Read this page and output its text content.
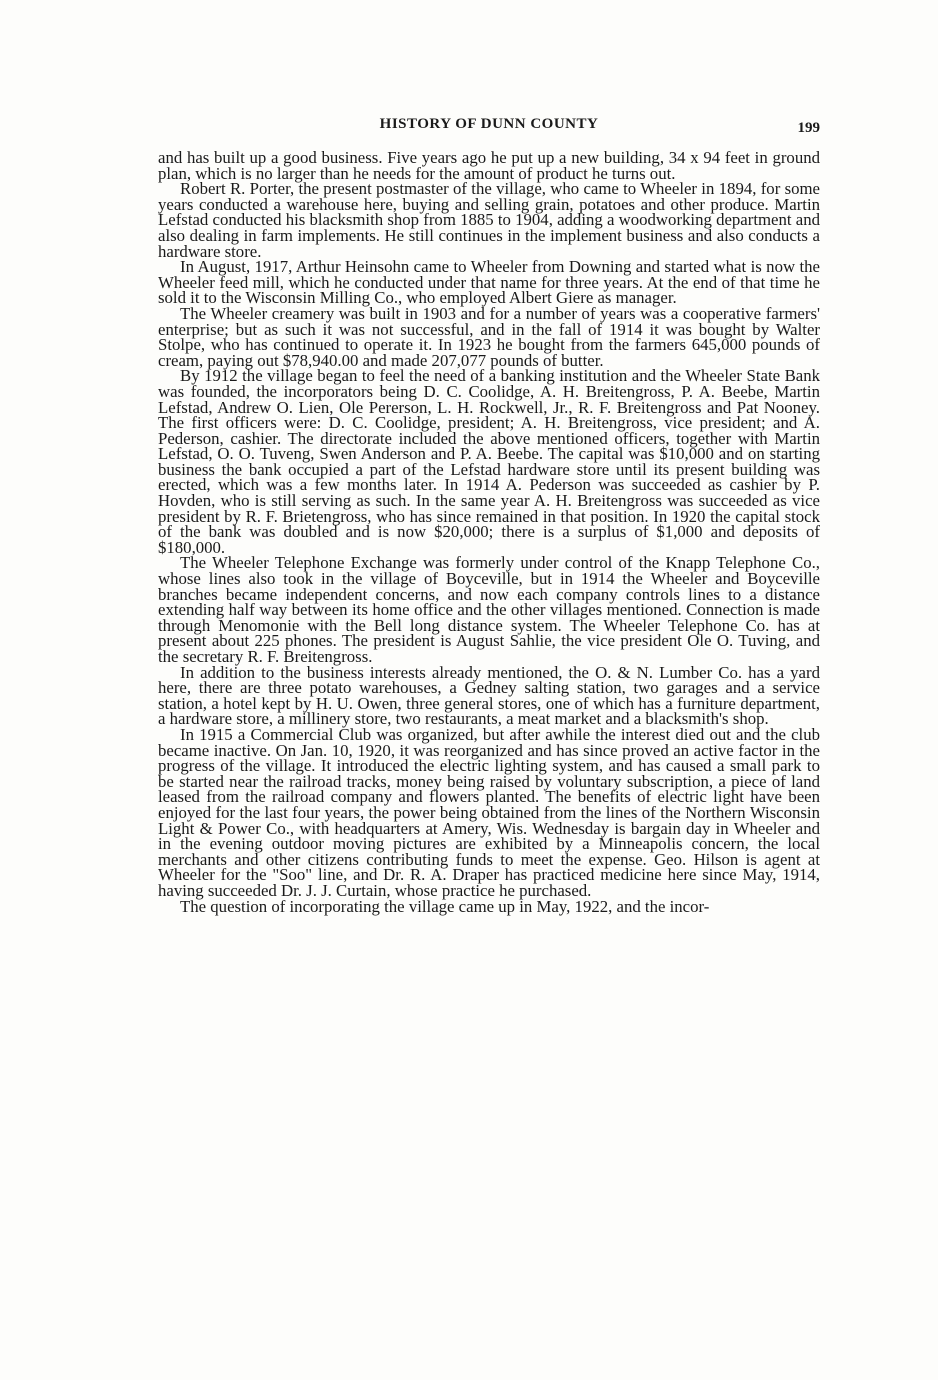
HISTORY OF DUNN COUNTY	199

and has built up a good business. Five years ago he put up a new building, 34 x 94 feet in ground plan, which is no larger than he needs for the amount of product he turns out.

Robert R. Porter, the present postmaster of the village, who came to Wheeler in 1894, for some years conducted a warehouse here, buying and selling grain, potatoes and other produce. Martin Lefstad conducted his blacksmith shop from 1885 to 1904, adding a woodworking department and also dealing in farm implements. He still continues in the implement business and also conducts a hardware store.

In August, 1917, Arthur Heinsohn came to Wheeler from Downing and started what is now the Wheeler feed mill, which he conducted under that name for three years. At the end of that time he sold it to the Wisconsin Milling Co., who employed Albert Giere as manager.

The Wheeler creamery was built in 1903 and for a number of years was a cooperative farmers' enterprise; but as such it was not successful, and in the fall of 1914 it was bought by Walter Stolpe, who has continued to operate it. In 1923 he bought from the farmers 645,000 pounds of cream, paying out $78,940.00 and made 207,077 pounds of butter.

By 1912 the village began to feel the need of a banking institution and the Wheeler State Bank was founded, the incorporators being D. C. Coolidge, A. H. Breitengross, P. A. Beebe, Martin Lefstad, Andrew O. Lien, Ole Pererson, L. H. Rockwell, Jr., R. F. Breitengross and Pat Nooney. The first officers were: D. C. Coolidge, president; A. H. Breitengross, vice president; and A. Pederson, cashier. The directorate included the above mentioned officers, together with Martin Lefstad, O. O. Tuveng, Swen Anderson and P. A. Beebe. The capital was $10,000 and on starting business the bank occupied a part of the Lefstad hardware store until its present building was erected, which was a few months later. In 1914 A. Pederson was succeeded as cashier by P. Hovden, who is still serving as such. In the same year A. H. Breitengross was succeeded as vice president by R. F. Brietengross, who has since remained in that position. In 1920 the capital stock of the bank was doubled and is now $20,000; there is a surplus of $1,000 and deposits of $180,000.

The Wheeler Telephone Exchange was formerly under control of the Knapp Telephone Co., whose lines also took in the village of Boyceville, but in 1914 the Wheeler and Boyceville branches became independent concerns, and now each company controls lines to a distance extending half way between its home office and the other villages mentioned. Connection is made through Menomonie with the Bell long distance system. The Wheeler Telephone Co. has at present about 225 phones. The president is August Sahlie, the vice president Ole O. Tuving, and the secretary R. F. Breitengross.

In addition to the business interests already mentioned, the O. & N. Lumber Co. has a yard here, there are three potato warehouses, a Gedney salting station, two garages and a service station, a hotel kept by H. U. Owen, three general stores, one of which has a furniture department, a hardware store, a millinery store, two restaurants, a meat market and a blacksmith's shop.

In 1915 a Commercial Club was organized, but after awhile the interest died out and the club became inactive. On Jan. 10, 1920, it was reorganized and has since proved an active factor in the progress of the village. It introduced the electric lighting system, and has caused a small park to be started near the railroad tracks, money being raised by voluntary subscription, a piece of land leased from the railroad company and flowers planted. The benefits of electric light have been enjoyed for the last four years, the power being obtained from the lines of the Northern Wisconsin Light & Power Co., with headquarters at Amery, Wis. Wednesday is bargain day in Wheeler and in the evening outdoor moving pictures are exhibited by a Minneapolis concern, the local merchants and other citizens contributing funds to meet the expense. Geo. Hilson is agent at Wheeler for the "Soo" line, and Dr. R. A. Draper has practiced medicine here since May, 1914, having succeeded Dr. J. J. Curtain, whose practice he purchased.

The question of incorporating the village came up in May, 1922, and the incor-
